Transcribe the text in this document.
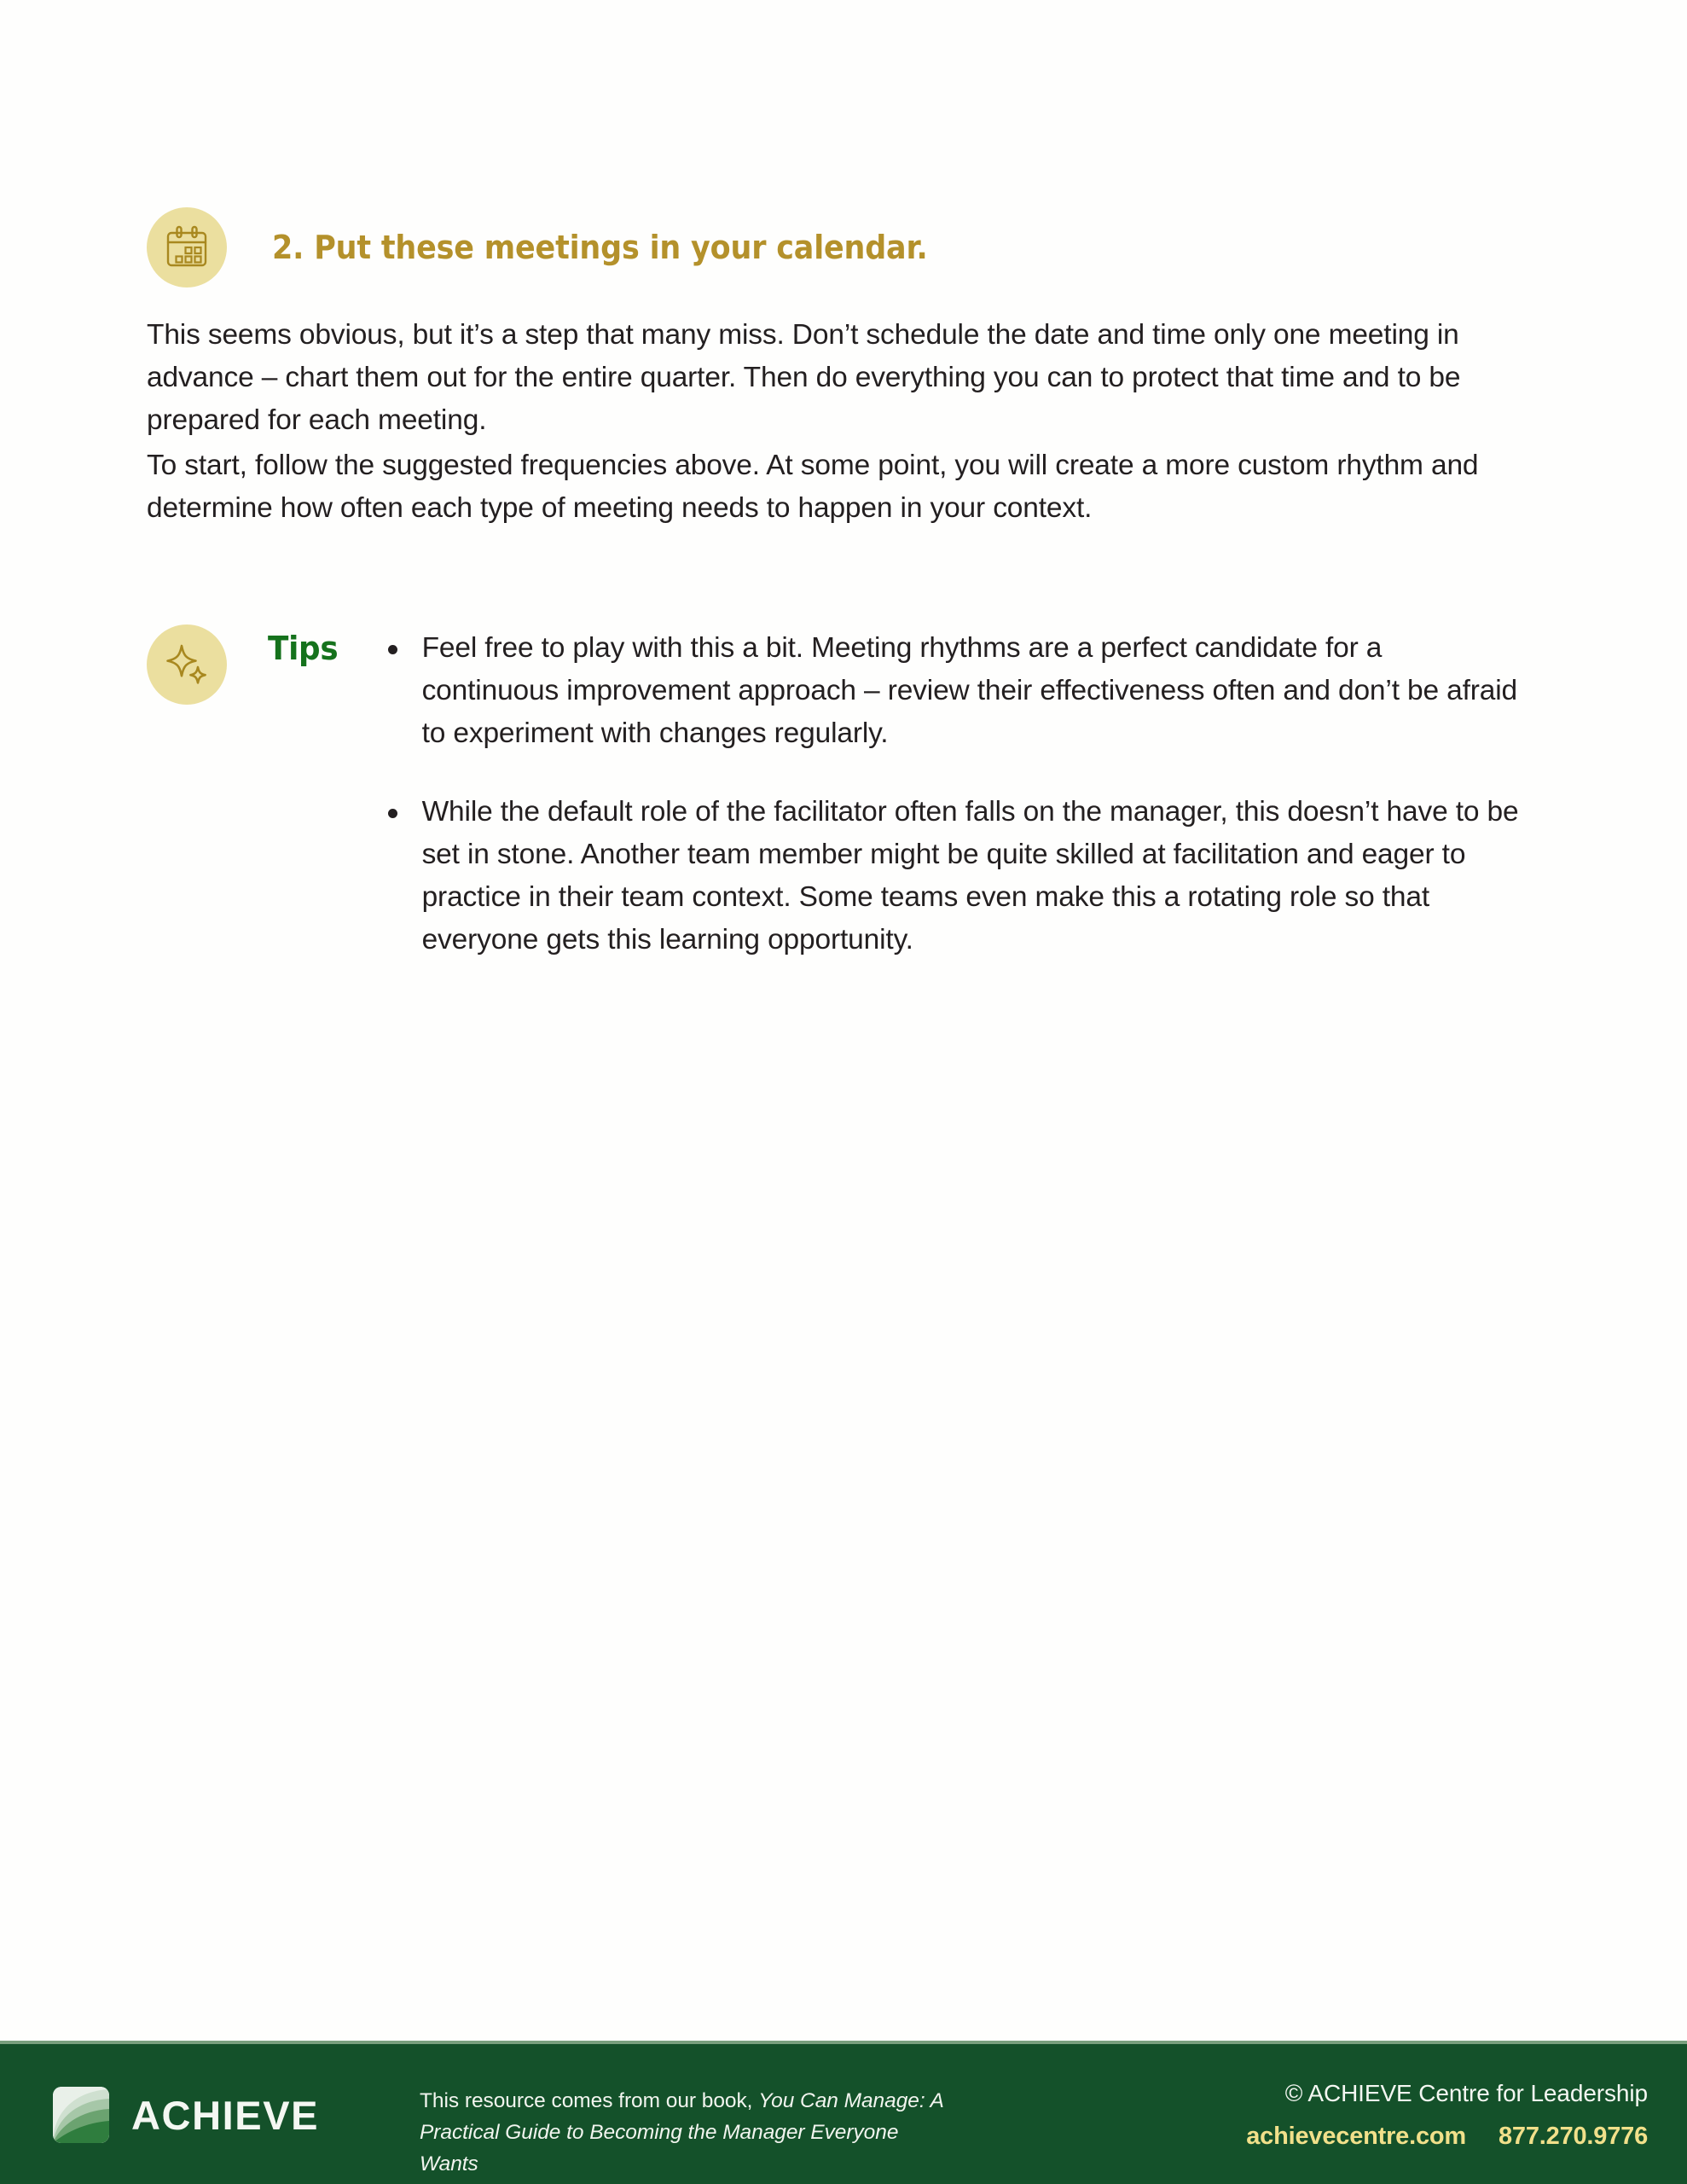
2. Put these meetings in your calendar.
This seems obvious, but it’s a step that many miss. Don’t schedule the date and time only one meeting in advance – chart them out for the entire quarter. Then do everything you can to protect that time and to be prepared for each meeting.
To start, follow the suggested frequencies above. At some point, you will create a more custom rhythm and determine how often each type of meeting needs to happen in your context.
Tips	Feel free to play with this a bit. Meeting rhythms are a perfect candidate for a continuous improvement approach – review their effectiveness often and don’t be afraid to experiment with changes regularly.
While the default role of the facilitator often falls on the manager, this doesn’t have to be set in stone. Another team member might be quite skilled at facilitation and eager to practice in their team context. Some teams even make this a rotating role so that everyone gets this learning opportunity.
ACHIEVE	This resource comes from our book, You Can Manage: A Practical Guide to Becoming the Manager Everyone Wants
© ACHIEVE Centre for Leadership
achievecentre.com 877.270.9776
